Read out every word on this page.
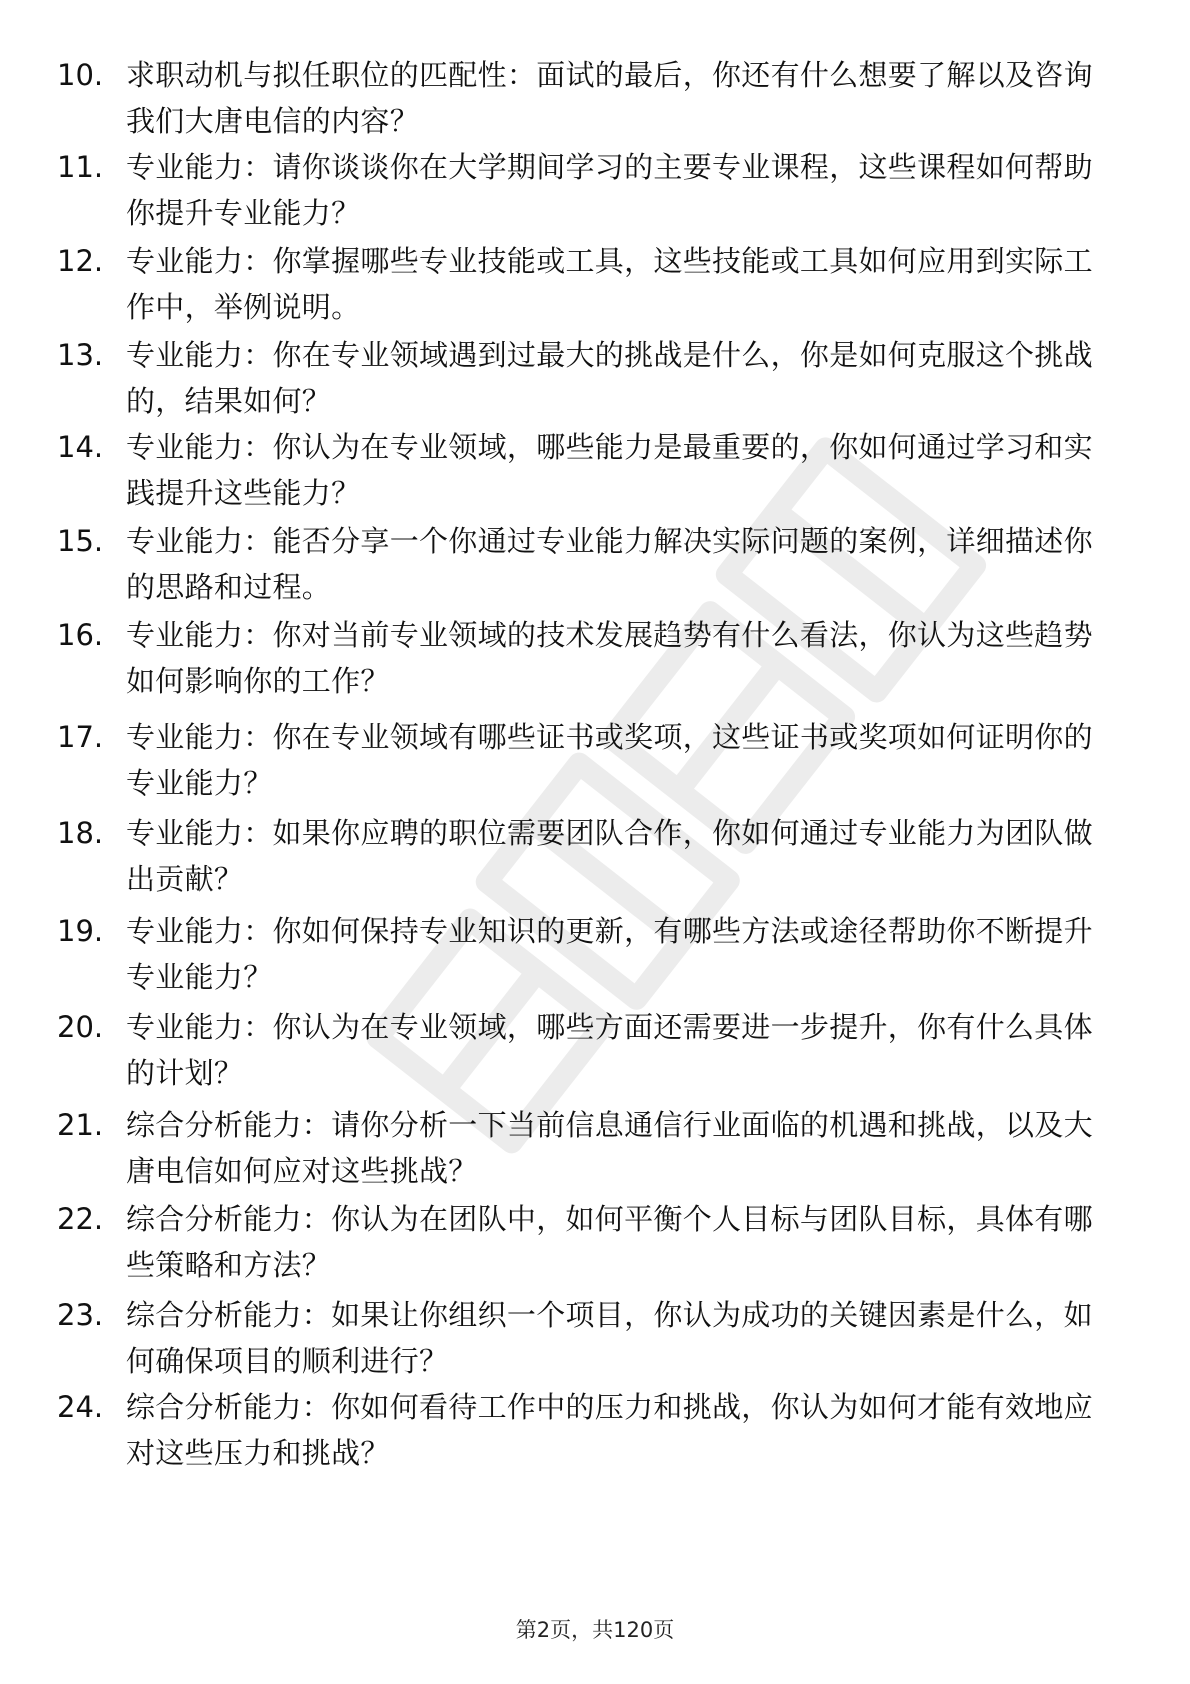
10. 求职动机与拟任职位的匹配性：面试的最后，你还有什么想要了解以及咨询我们大唐电信的内容？
11. 专业能力：请你谈谈你在大学期间学习的主要专业课程，这些课程如何帮助你提升专业能力？
12. 专业能力：你掌握哪些专业技能或工具，这些技能或工具如何应用到实际工作中，举例说明。
13. 专业能力：你在专业领域遇到过最大的挑战是什么，你是如何克服这个挑战的，结果如何？
14. 专业能力：你认为在专业领域，哪些能力是最重要的，你如何通过学习和实践提升这些能力？
15. 专业能力：能否分享一个你通过专业能力解决实际问题的案例，详细描述你的思路和过程。
16. 专业能力：你对当前专业领域的技术发展趋势有什么看法，你认为这些趋势如何影响你的工作？
17. 专业能力：你在专业领域有哪些证书或奖项，这些证书或奖项如何证明你的专业能力？
18. 专业能力：如果你应聘的职位需要团队合作，你如何通过专业能力为团队做出贡献？
19. 专业能力：你如何保持专业知识的更新，有哪些方法或途径帮助你不断提升专业能力？
20. 专业能力：你认为在专业领域，哪些方面还需要进一步提升，你有什么具体的计划？
21. 综合分析能力：请你分析一下当前信息通信行业面临的机遇和挑战，以及大唐电信如何应对这些挑战？
22. 综合分析能力：你认为在团队中，如何平衡个人目标与团队目标，具体有哪些策略和方法？
23. 综合分析能力：如果让你组织一个项目，你认为成功的关键因素是什么，如何确保项目的顺利进行？
24. 综合分析能力：你如何看待工作中的压力和挑战，你认为如何才能有效地应对这些压力和挑战？
第2页，共120页
